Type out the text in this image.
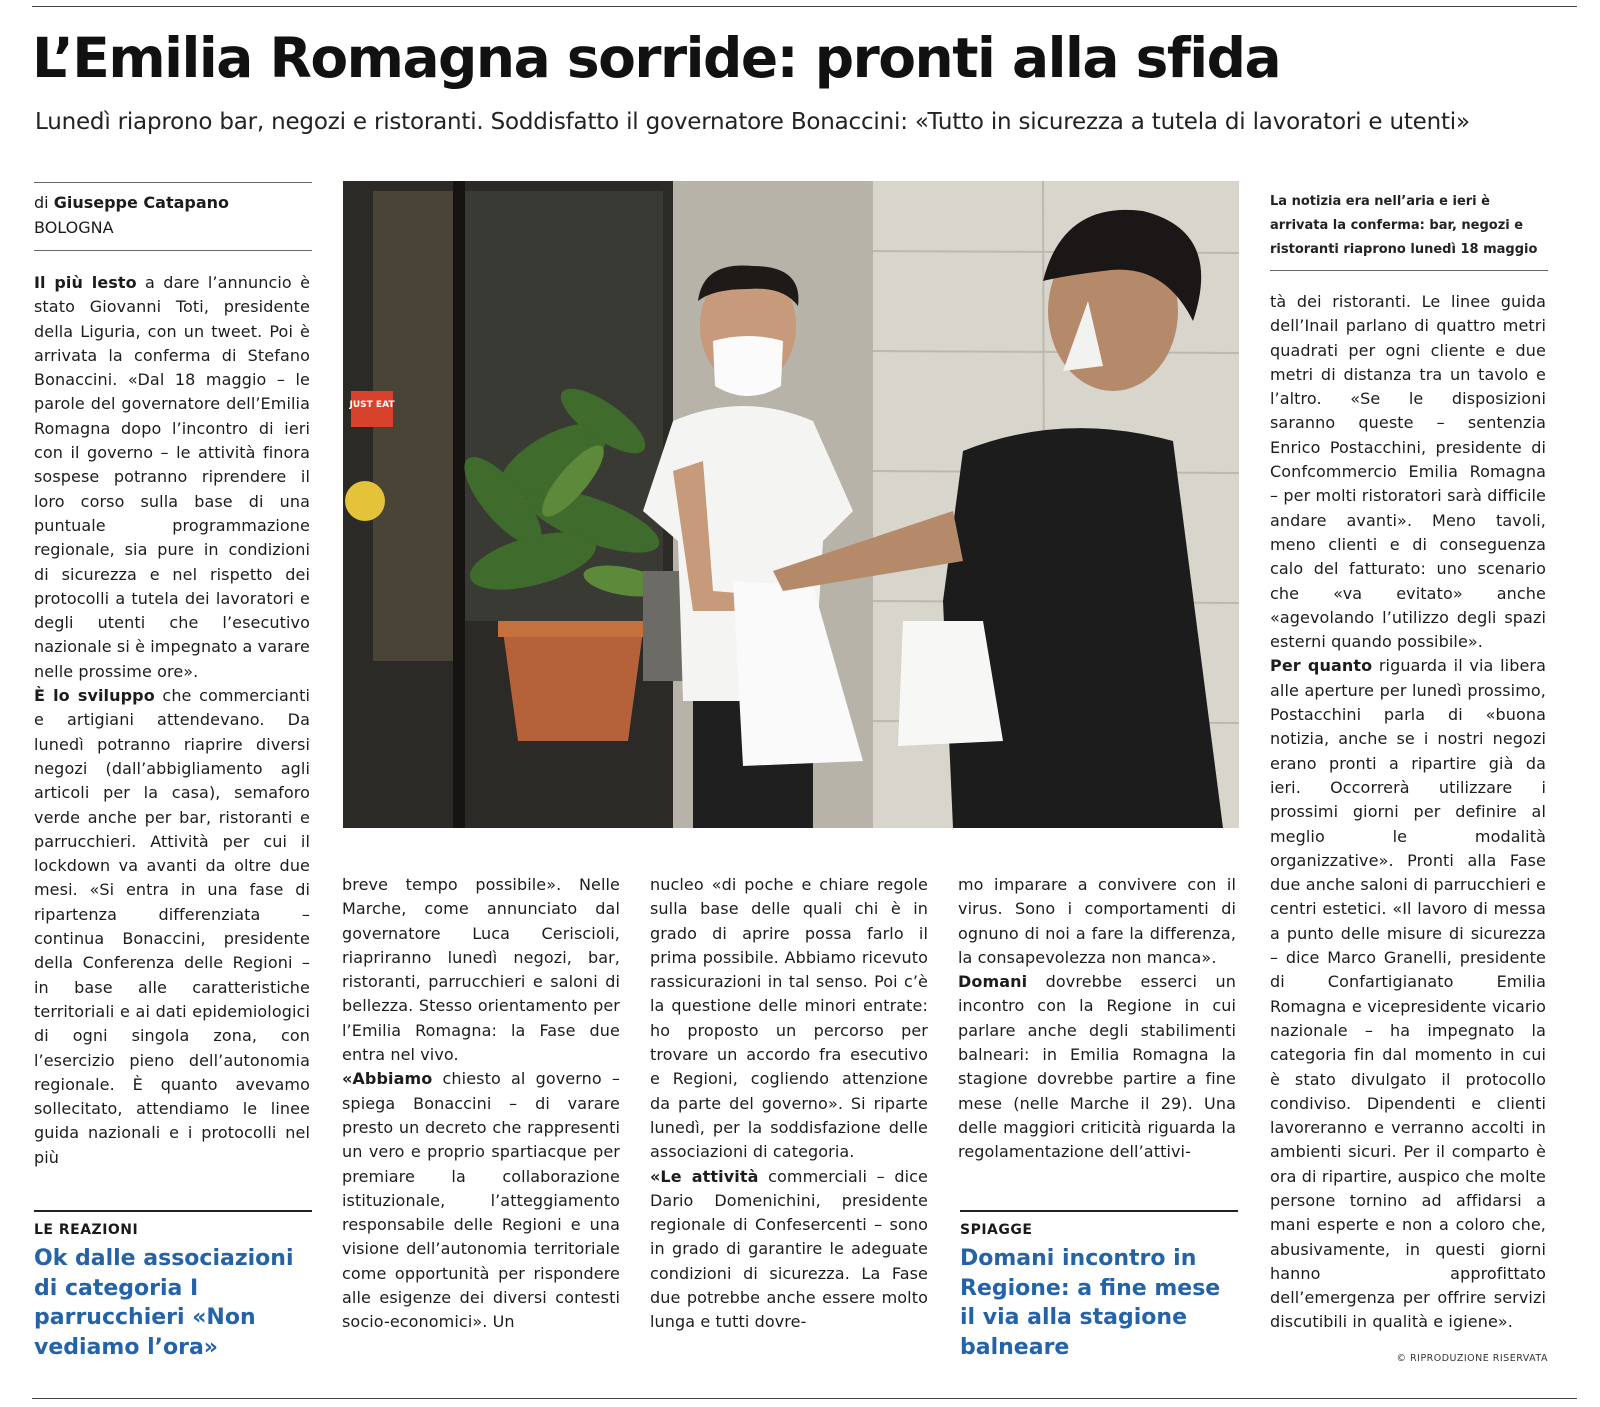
L’Emilia Romagna sorride: pronti alla sfida
Lunedì riaprono bar, negozi e ristoranti. Soddisfatto il governatore Bonaccini: «Tutto in sicurezza a tutela di lavoratori e utenti»
di Giuseppe Catapano
BOLOGNA

Il più lesto a dare l’annuncio è stato Giovanni Toti, presidente della Liguria, con un tweet. Poi è arrivata la conferma di Stefano Bonaccini. «Dal 18 maggio – le parole del governatore dell’Emilia Romagna dopo l’incontro di ieri con il governo – le attività finora sospese potranno riprendere il loro corso sulla base di una puntuale programmazione regionale, sia pure in condizioni di sicurezza e nel rispetto dei protocolli a tutela dei lavoratori e degli utenti che l’esecutivo nazionale si è impegnato a varare nelle prossime ore».

È lo sviluppo che commercianti e artigiani attendevano. Da lunedì potranno riaprire diversi negozi (dall’abbigliamento agli articoli per la casa), semaforo verde anche per bar, ristoranti e parrucchieri. Attività per cui il lockdown va avanti da oltre due mesi. «Si entra in una fase di ripartenza differenziata – continua Bonaccini, presidente della Conferenza delle Regioni – in base alle caratteristiche territoriali e ai dati epidemiologici di ogni singola zona, con l’esercizio pieno dell’autonomia regionale. È quanto avevamo sollecitato, attendiamo le linee guida nazionali e i protocolli nel più

LE REAZIONI
Ok dalle associazioni di categoria I parrucchieri «Non vediamo l’ora»
JUST EAT
La notizia era nell’aria e ieri è arrivata la conferma: bar, negozi e ristoranti riaprono lunedì 18 maggio

breve tempo possibile». Nelle Marche, come annunciato dal governatore Luca Ceriscioli, riapriranno lunedì negozi, bar, ristoranti, parrucchieri e saloni di bellezza. Stesso orientamento per l’Emilia Romagna: la Fase due entra nel vivo.

«Abbiamo chiesto al governo – spiega Bonaccini – di varare presto un decreto che rappresenti un vero e proprio spartiacque per premiare la collaborazione istituzionale, l’atteggiamento responsabile delle Regioni e una visione dell’autonomia territoriale come opportunità per rispondere alle esigenze dei diversi contesti socio-economici». Un

nucleo «di poche e chiare regole sulla base delle quali chi è in grado di aprire possa farlo il prima possibile. Abbiamo ricevuto rassicurazioni in tal senso. Poi c’è la questione delle minori entrate: ho proposto un percorso per trovare un accordo fra esecutivo e Regioni, cogliendo attenzione da parte del governo». Si riparte lunedì, per la soddisfazione delle associazioni di categoria.

«Le attività commerciali – dice Dario Domenichini, presidente regionale di Confesercenti – sono in grado di garantire le adeguate condizioni di sicurezza. La Fase due potrebbe anche essere molto lunga e tutti dovre-

mo imparare a convivere con il virus. Sono i comportamenti di ognuno di noi a fare la differenza, la consapevolezza non manca».

Domani dovrebbe esserci un incontro con la Regione in cui parlare anche degli stabilimenti balneari: in Emilia Romagna la stagione dovrebbe partire a fine mese (nelle Marche il 29). Una delle maggiori criticità riguarda la regolamentazione dell’attivi-

SPIAGGE
Domani incontro in Regione: a fine mese il via alla stagione balneare

tà dei ristoranti. Le linee guida dell’Inail parlano di quattro metri quadrati per ogni cliente e due metri di distanza tra un tavolo e l’altro. «Se le disposizioni saranno queste – sentenzia Enrico Postacchini, presidente di Confcommercio Emilia Romagna – per molti ristoratori sarà difficile andare avanti». Meno tavoli, meno clienti e di conseguenza calo del fatturato: uno scenario che «va evitato» anche «agevolando l’utilizzo degli spazi esterni quando possibile».

Per quanto riguarda il via libera alle aperture per lunedì prossimo, Postacchini parla di «buona notizia, anche se i nostri negozi erano pronti a ripartire già da ieri. Occorrerà utilizzare i prossimi giorni per definire al meglio le modalità organizzative». Pronti alla Fase due anche saloni di parrucchieri e centri estetici. «Il lavoro di messa a punto delle misure di sicurezza – dice Marco Granelli, presidente di Confartigianato Emilia Romagna e vicepresidente vicario nazionale – ha impegnato la categoria fin dal momento in cui è stato divulgato il protocollo condiviso. Dipendenti e clienti lavoreranno e verranno accolti in ambienti sicuri. Per il comparto è ora di ripartire, auspico che molte persone tornino ad affidarsi a mani esperte e non a coloro che, abusivamente, in questi giorni hanno approfittato dell’emergenza per offrire servizi discutibili in qualità e igiene».

© RIPRODUZIONE RISERVATA
